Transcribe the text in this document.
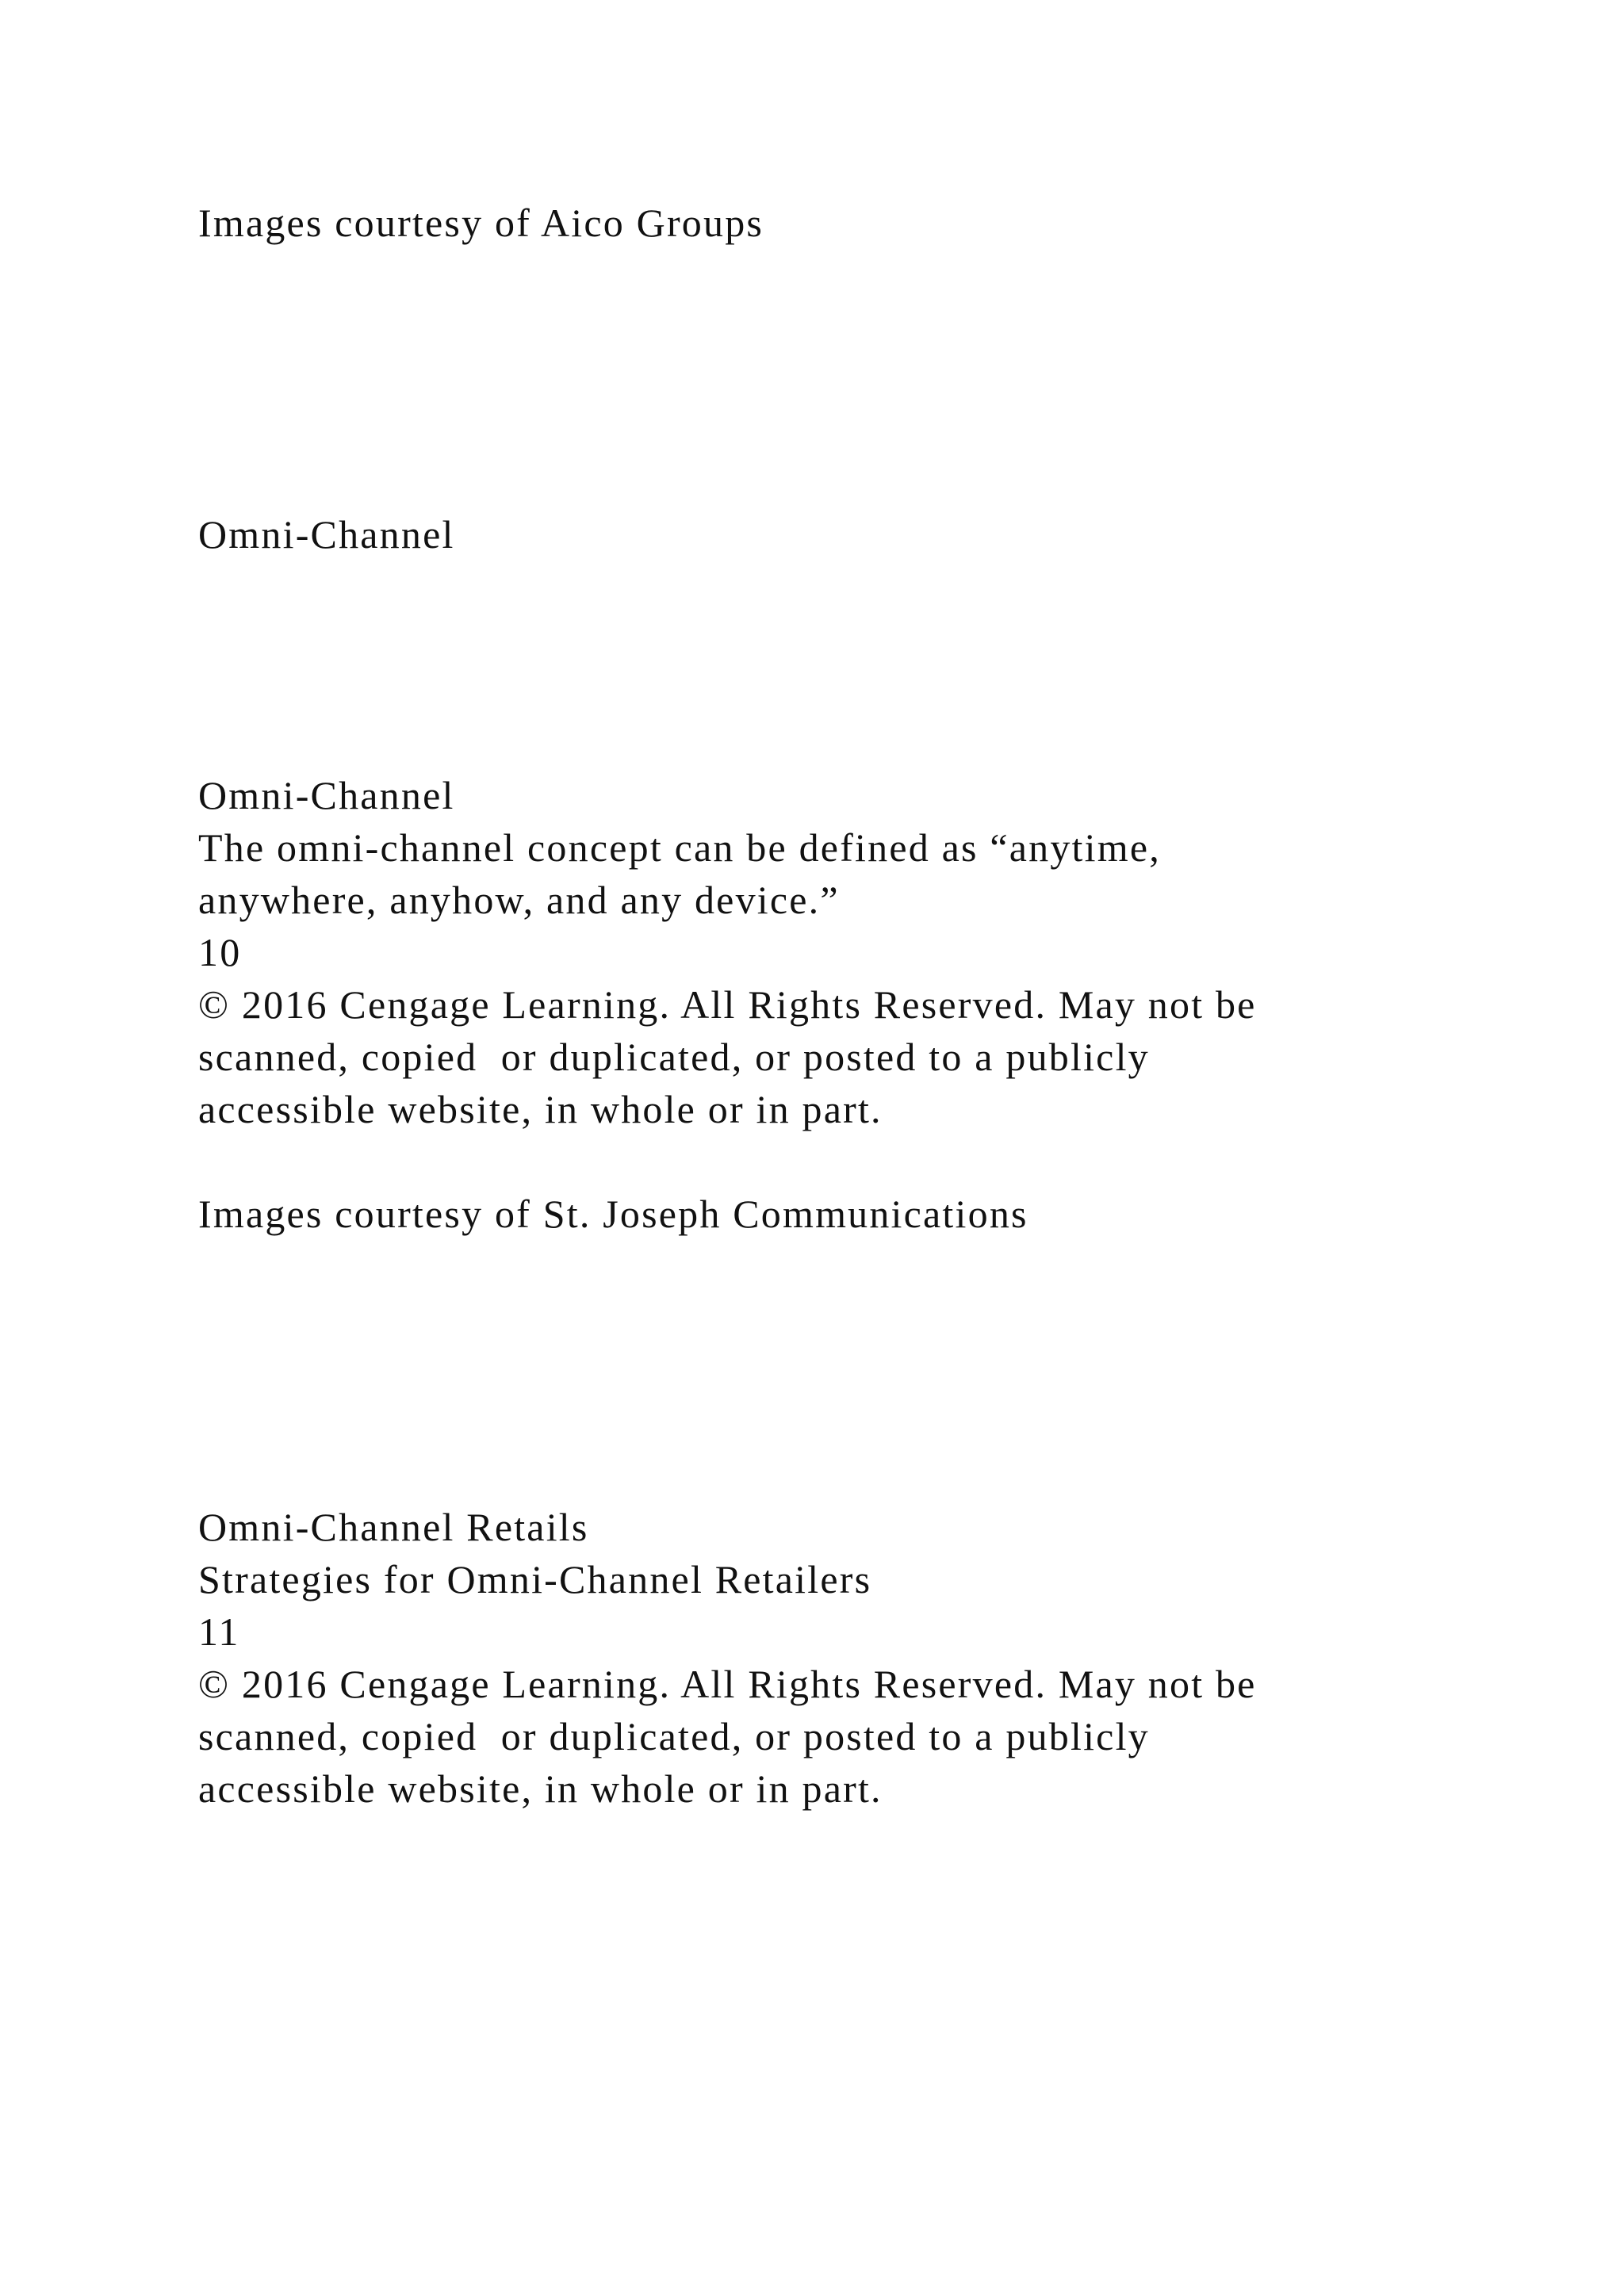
Images courtesy of Aico Groups

Omni-Channel

Omni-Channel

The omni-channel concept can be defined as “anytime,

anywhere, anyhow, and any device.”

10

© 2016 Cengage Learning. All Rights Reserved. May not be

scanned, copied  or duplicated, or posted to a publicly

accessible website, in whole or in part.

Images courtesy of St. Joseph Communications

Omni-Channel Retails

Strategies for Omni-Channel Retailers

11

© 2016 Cengage Learning. All Rights Reserved. May not be

scanned, copied  or duplicated, or posted to a publicly

accessible website, in whole or in part.
